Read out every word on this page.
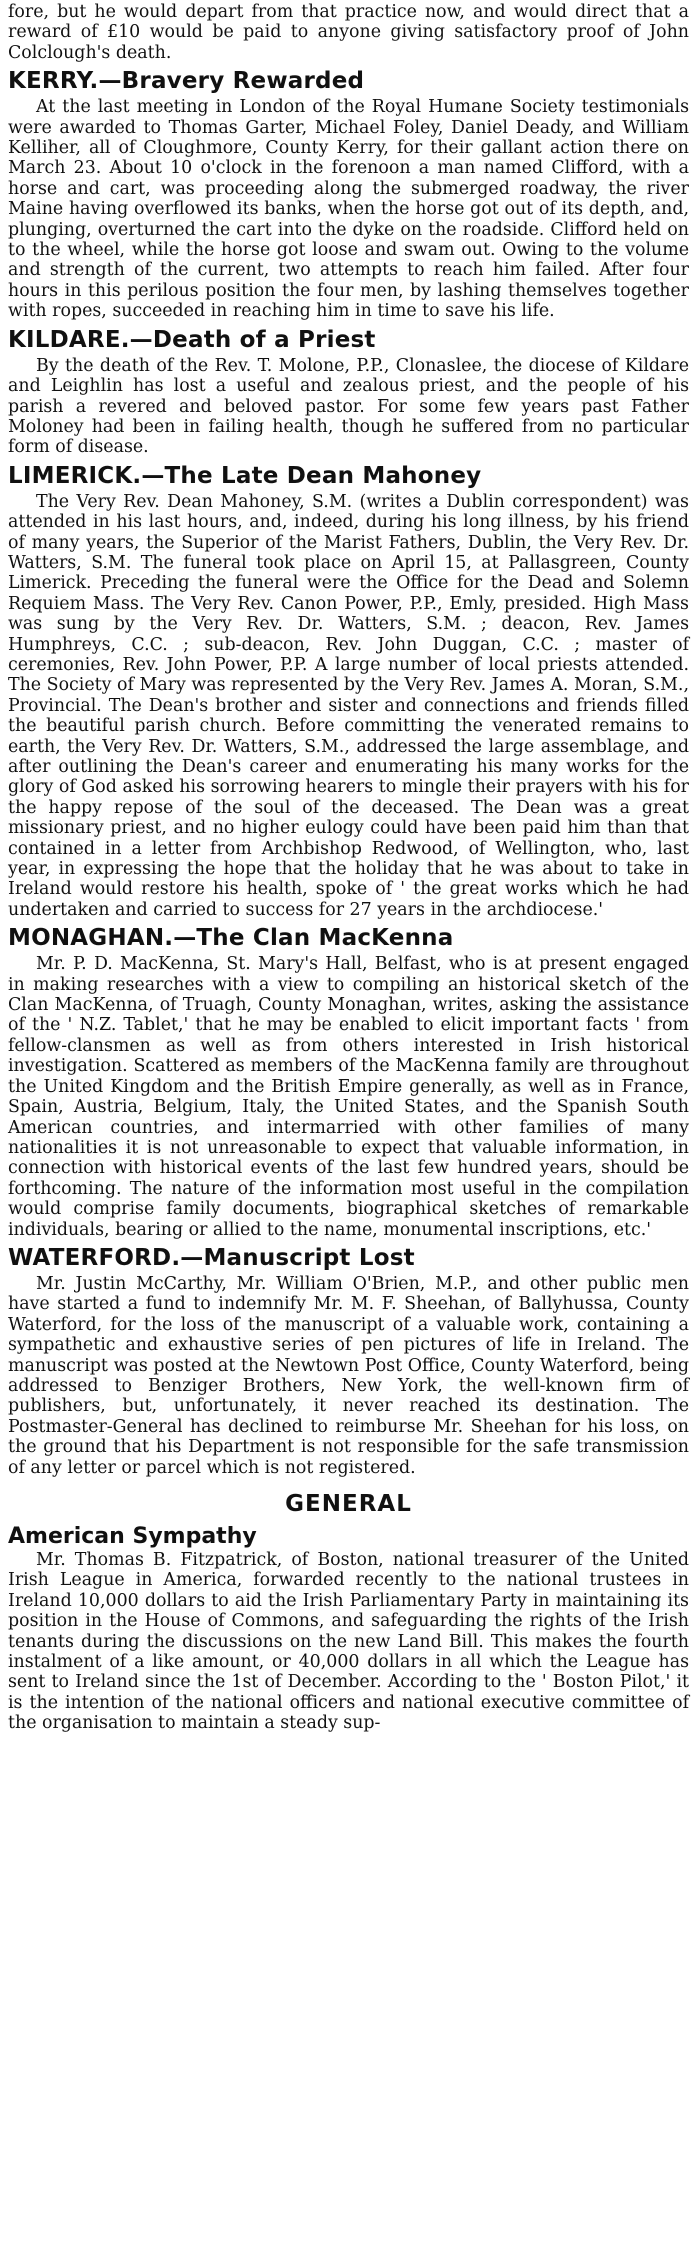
fore, but he would depart from that practice now, and would direct that a reward of £10 would be paid to anyone giving satisfactory proof of John Colclough's death.

KERRY.—Bravery Rewarded

At the last meeting in London of the Royal Humane Society testimonials were awarded to Thomas Garter, Michael Foley, Daniel Deady, and William Kelliher, all of Cloughmore, County Kerry, for their gallant action there on March 23. About 10 o'clock in the forenoon a man named Clifford, with a horse and cart, was proceeding along the submerged roadway, the river Maine having overflowed its banks, when the horse got out of its depth, and, plunging, overturned the cart into the dyke on the roadside. Clifford held on to the wheel, while the horse got loose and swam out. Owing to the volume and strength of the current, two attempts to reach him failed. After four hours in this perilous position the four men, by lashing themselves together with ropes, succeeded in reaching him in time to save his life.

KILDARE.—Death of a Priest

By the death of the Rev. T. Molone, P.P., Clonaslee, the diocese of Kildare and Leighlin has lost a useful and zealous priest, and the people of his parish a revered and beloved pastor. For some few years past Father Moloney had been in failing health, though he suffered from no particular form of disease.

LIMERICK.—The Late Dean Mahoney

The Very Rev. Dean Mahoney, S.M. (writes a Dublin correspondent) was attended in his last hours, and, indeed, during his long illness, by his friend of many years, the Superior of the Marist Fathers, Dublin, the Very Rev. Dr. Watters, S.M. The funeral took place on April 15, at Pallasgreen, County Limerick. Preceding the funeral were the Office for the Dead and Solemn Requiem Mass. The Very Rev. Canon Power, P.P., Emly, presided. High Mass was sung by the Very Rev. Dr. Watters, S.M. ; deacon, Rev. James Humphreys, C.C. ; sub-deacon, Rev. John Duggan, C.C. ; master of ceremonies, Rev. John Power, P.P. A large number of local priests attended. The Society of Mary was represented by the Very Rev. James A. Moran, S.M., Provincial. The Dean's brother and sister and connections and friends filled the beautiful parish church. Before committing the venerated remains to earth, the Very Rev. Dr. Watters, S.M., addressed the large assemblage, and after outlining the Dean's career and enumerating his many works for the glory of God asked his sorrowing hearers to mingle their prayers with his for the happy repose of the soul of the deceased. The Dean was a great missionary priest, and no higher eulogy could have been paid him than that contained in a letter from Archbishop Redwood, of Wellington, who, last year, in expressing the hope that the holiday that he was about to take in Ireland would restore his health, spoke of ' the great works which he had undertaken and carried to success for 27 years in the archdiocese.'

MONAGHAN.—The Clan MacKenna

Mr. P. D. MacKenna, St. Mary's Hall, Belfast, who is at present engaged in making researches with a view to compiling an historical sketch of the Clan MacKenna, of Truagh, County Monaghan, writes, asking the assistance of the ' N.Z. Tablet,' that he may be enabled to elicit important facts ' from fellow-clansmen as well as from others interested in Irish historical investigation. Scattered as members of the MacKenna family are throughout the United Kingdom and the British Empire generally, as well as in France, Spain, Austria, Belgium, Italy, the United States, and the Spanish South American countries, and intermarried with other families of many nationalities it is not unreasonable to expect that valuable information, in connection with historical events of the last few hundred years, should be forthcoming. The nature of the information most useful in the compilation would comprise family documents, biographical sketches of remarkable individuals, bearing or allied to the name, monumental inscriptions, etc.'

WATERFORD.—Manuscript Lost

Mr. Justin McCarthy, Mr. William O'Brien, M.P., and other public men have started a fund to indemnify Mr. M. F. Sheehan, of Ballyhussa, County Waterford, for the loss of the manuscript of a valuable work, containing a sympathetic and exhaustive series of pen pictures of life in Ireland. The manuscript was posted at the Newtown Post Office, County Waterford, being addressed to Benziger Brothers, New York, the well-known firm of publishers, but, unfortunately, it never reached its destination. The Postmaster-General has declined to reimburse Mr. Sheehan for his loss, on the ground that his Department is not responsible for the safe transmission of any letter or parcel which is not registered.

GENERAL
American Sympathy

Mr. Thomas B. Fitzpatrick, of Boston, national treasurer of the United Irish League in America, forwarded recently to the national trustees in Ireland 10,000 dollars to aid the Irish Parliamentary Party in maintaining its position in the House of Commons, and safeguarding the rights of the Irish tenants during the discussions on the new Land Bill. This makes the fourth instalment of a like amount, or 40,000 dollars in all which the League has sent to Ireland since the 1st of December. According to the ' Boston Pilot,' it is the intention of the national officers and national executive committee of the organisation to maintain a steady sup-
